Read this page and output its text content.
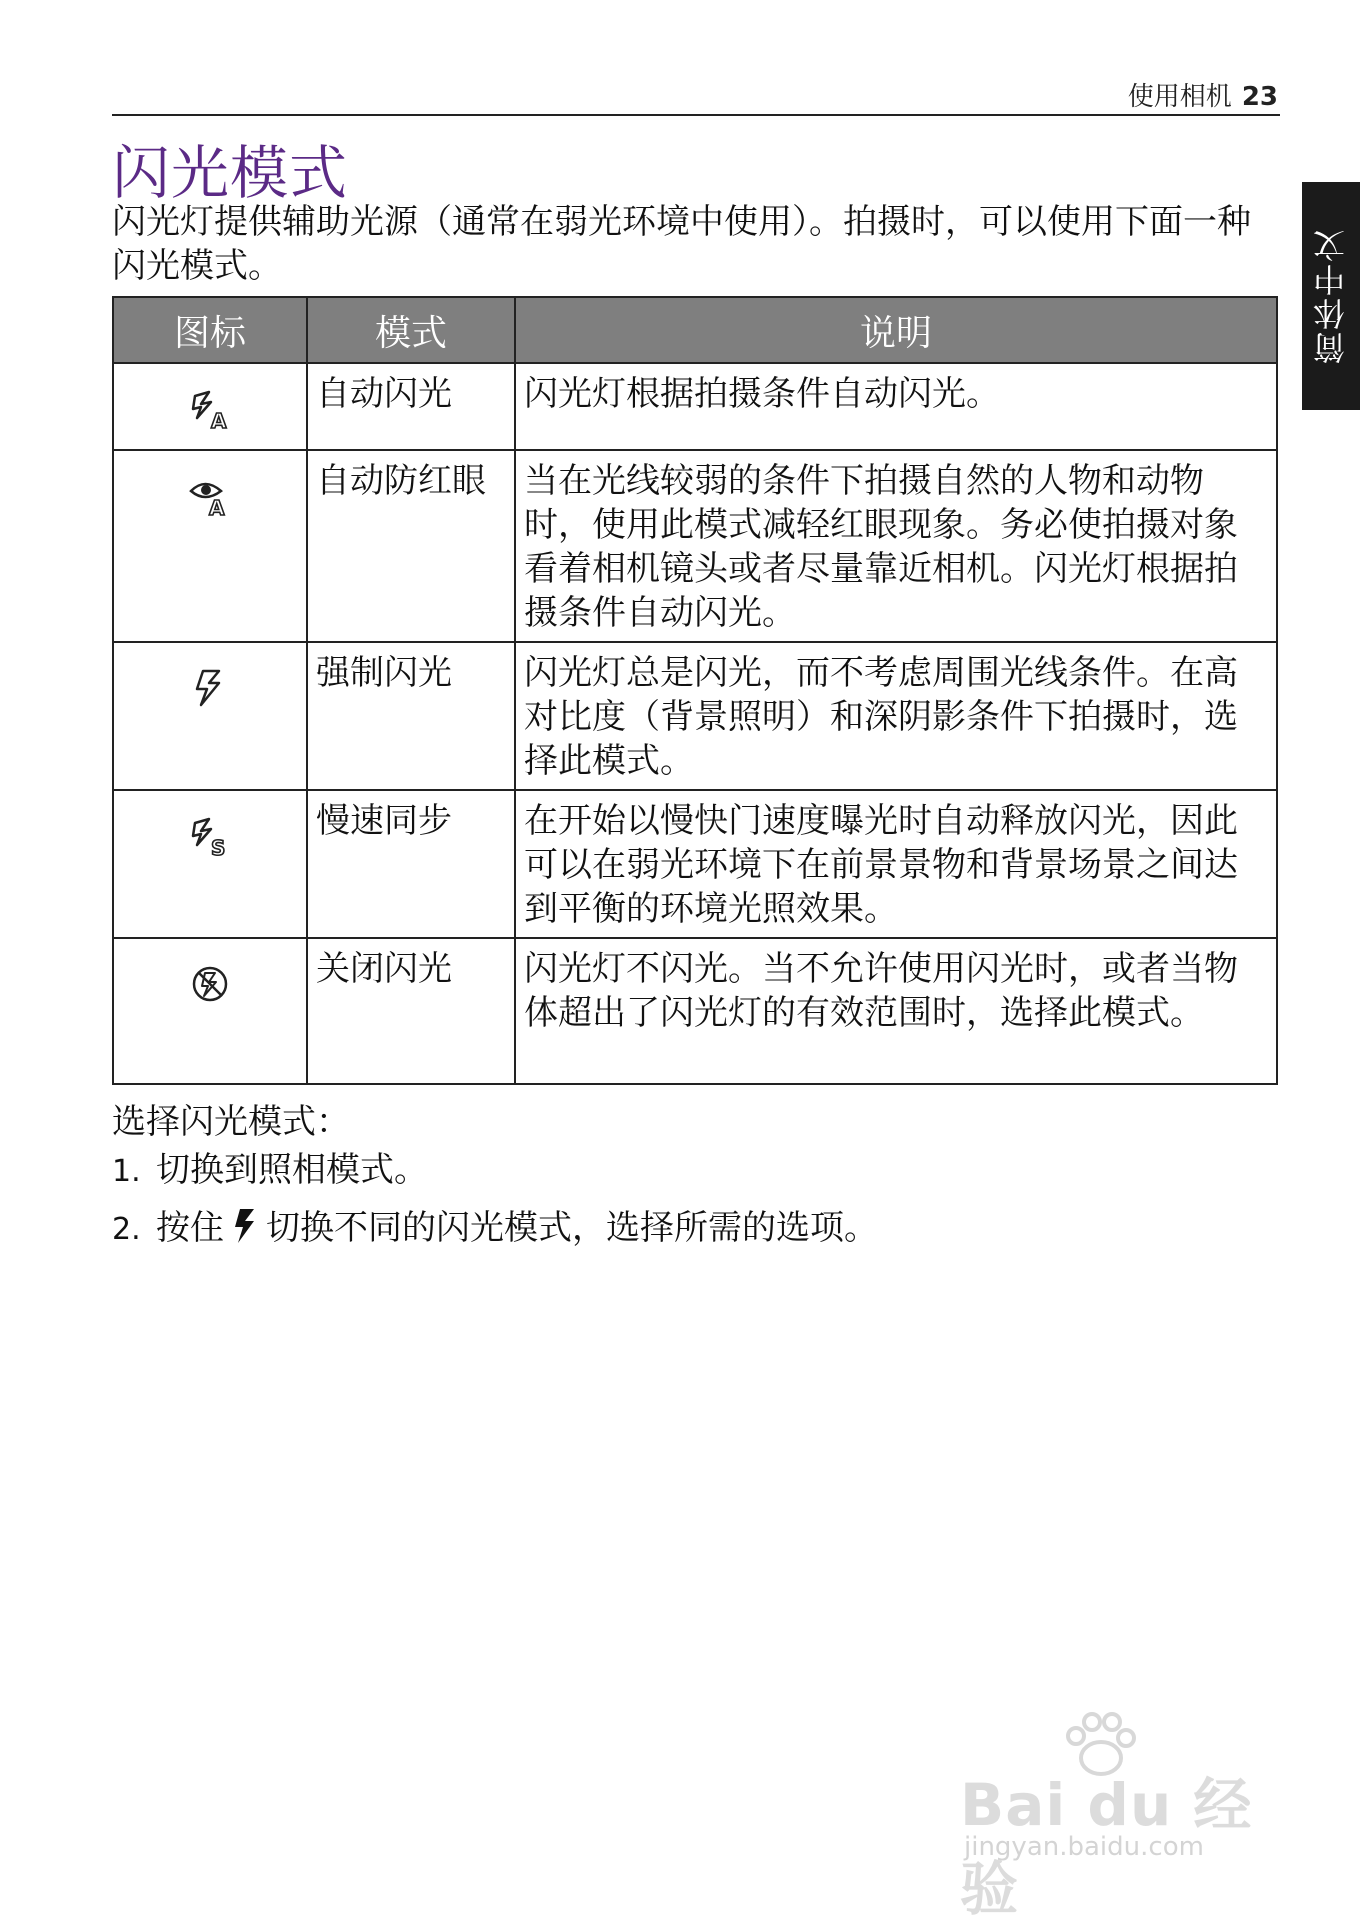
使用相机 23
简体中文
闪光模式
闪光灯提供辅助光源（通常在弱光环境中使用）。拍摄时，可以使用下面一种闪光模式。
图标	模式	说明

A	自动闪光	闪光灯根据拍摄条件自动闪光。

A	自动防红眼	当在光线较弱的条件下拍摄自然的人物和动物时，使用此模式减轻红眼现象。务必使拍摄对象看着相机镜头或者尽量靠近相机。闪光灯根据拍摄条件自动闪光。
	强制闪光	闪光灯总是闪光，而不考虑周围光线条件。在高对比度（背景照明）和深阴影条件下拍摄时，选择此模式。

S	慢速同步	在开始以慢快门速度曝光时自动释放闪光，因此可以在弱光环境下在前景景物和背景场景之间达到平衡的环境光照效果。
	关闭闪光	闪光灯不闪光。当不允许使用闪光时，或者当物体超出了闪光灯的有效范围时，选择此模式。
选择闪光模式：
1. 切换到照相模式。
2. 按住 切换不同的闪光模式，选择所需的选项。
Bai du 经验
jingyan.baidu.com
